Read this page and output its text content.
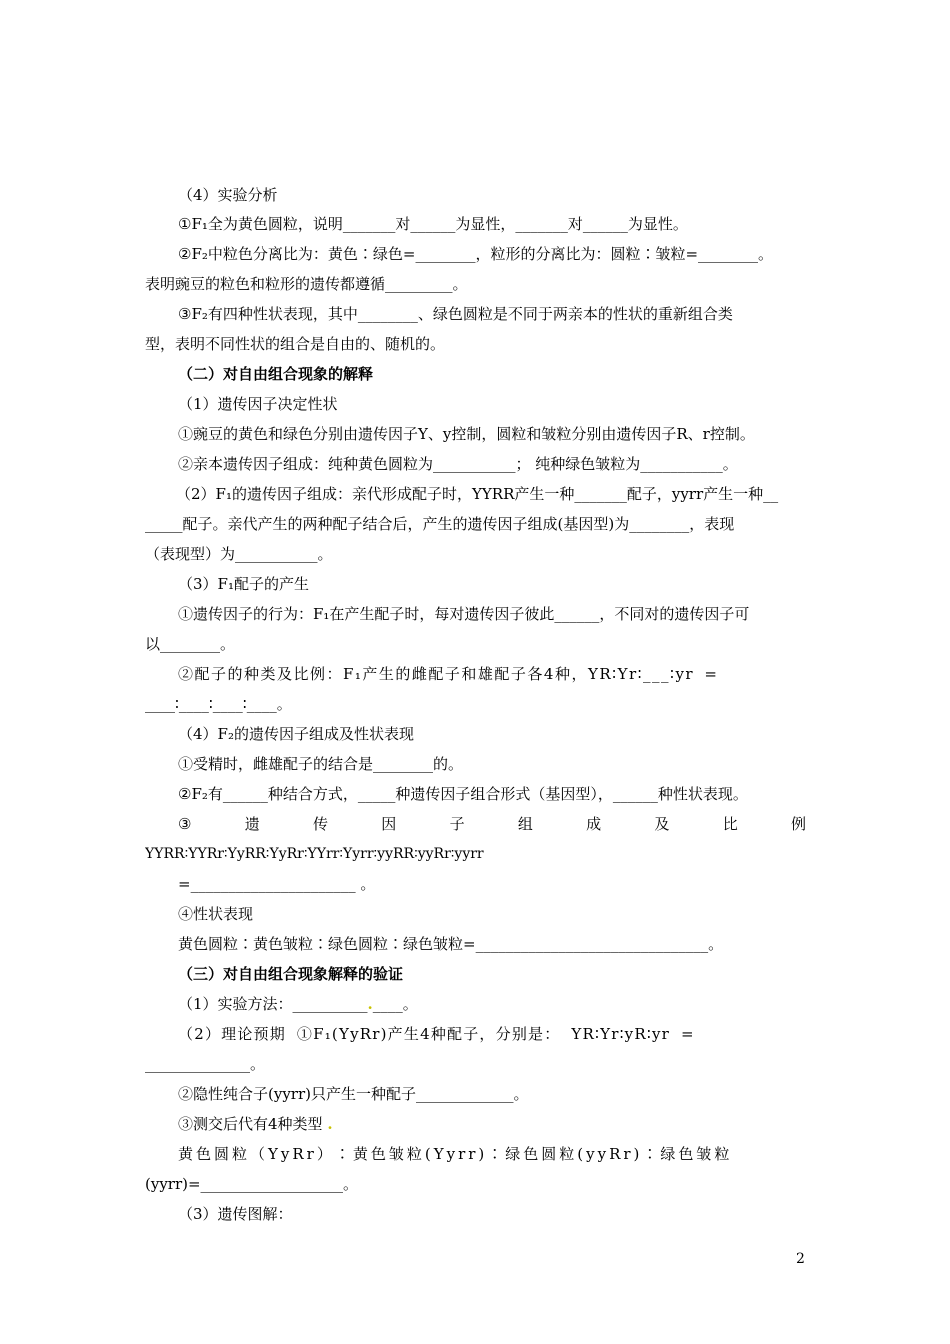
（4）实验分析
①F₁全为黄色圆粒，说明_______对______为显性，_______对______为显性。
②F₂中粒色分离比为：黄色∶绿色=________，粒形的分离比为：圆粒∶皱粒=________。
表明豌豆的粒色和粒形的遗传都遵循_________。
③F₂有四种性状表现，其中________、绿色圆粒是不同于两亲本的性状的重新组合类
型，表明不同性状的组合是自由的、随机的。
（二）对自由组合现象的解释
（1）遗传因子决定性状
①豌豆的黄色和绿色分别由遗传因子Y、y控制，圆粒和皱粒分别由遗传因子R、r控制。
②亲本遗传因子组成：纯种黄色圆粒为___________； 纯种绿色皱粒为___________。
（2）F₁的遗传因子组成：亲代形成配子时，YYRR产生一种_______配子，yyrr产生一种__
_____配子。亲代产生的两种配子结合后，产生的遗传因子组成(基因型)为________，表现
（表现型）为___________。
（3）F₁配子的产生
①遗传因子的行为：F₁在产生配子时，每对遗传因子彼此______，不同对的遗传因子可
以________。
②配子的种类及比例：F₁产生的雌配子和雄配子各4种，YR∶Yr∶___∶yr =
____∶____∶____∶____。
（4）F₂的遗传因子组成及性状表现
①受精时，雌雄配子的结合是________的。
②F₂有______种结合方式，_____种遗传因子组合形式（基因型），______种性状表现。
③	遗	传	因	子	组	成	及	比	例
YYRR∶YYRr∶YyRR∶YyRr∶YYrr∶Yyrr∶yyRR∶yyRr∶yyrr
=______________________ 。
④性状表现
黄色圆粒∶黄色皱粒∶绿色圆粒∶绿色皱粒=_______________________________。
（三）对自由组合现象解释的验证
（1）实验方法：__________.____。
（2）理论预期 ①F₁(YyRr)产生4种配子，分别是： YR∶Yr∶yR∶yr =
______________。
②隐性纯合子(yyrr)只产生一种配子_____________。
③测交后代有4种类型 .
黄色圆粒（YyRr）∶黄色皱粒(Yyrr)∶绿色圆粒(yyRr)∶绿色皱粒
(yyrr)=___________________。
（3）遗传图解：
2
